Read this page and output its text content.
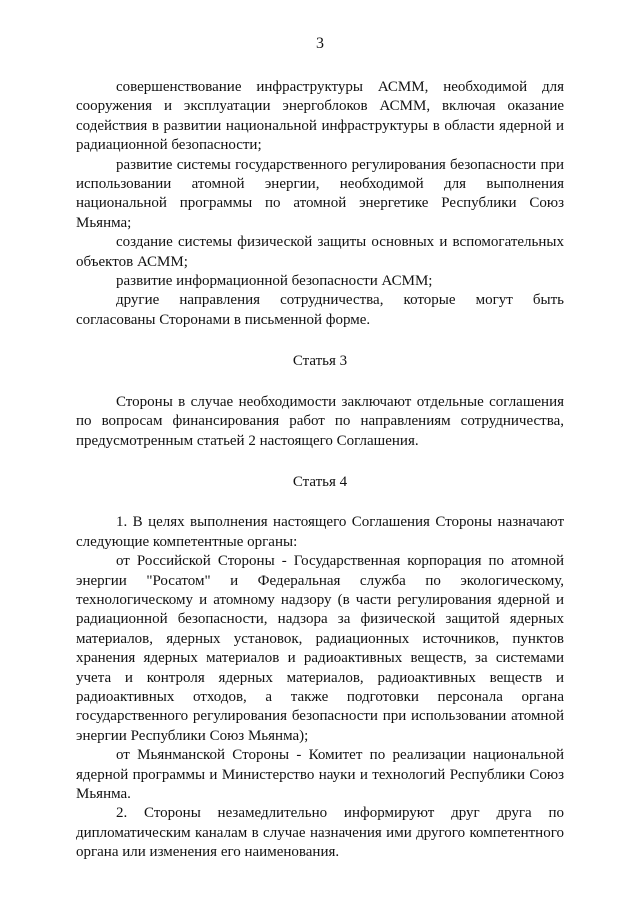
3

совершенствование инфраструктуры АСММ, необходимой для сооружения и эксплуатации энергоблоков АСММ, включая оказание содействия в развитии национальной инфраструктуры в области ядерной и радиационной безопасности;

развитие системы государственного регулирования безопасности при использовании атомной энергии, необходимой для выполнения национальной программы по атомной энергетике Республики Союз Мьянма;

создание системы физической защиты основных и вспомогательных объектов АСММ;

развитие информационной безопасности АСММ;

другие направления сотрудничества, которые могут быть согласованы Сторонами в письменной форме.

Статья 3

Стороны в случае необходимости заключают отдельные соглашения по вопросам финансирования работ по направлениям сотрудничества, предусмотренным статьей 2 настоящего Соглашения.

Статья 4

1. В целях выполнения настоящего Соглашения Стороны назначают следующие компетентные органы:

от Российской Стороны - Государственная корпорация по атомной энергии "Росатом" и Федеральная служба по экологическому, технологическому и атомному надзору (в части регулирования ядерной и радиационной безопасности, надзора за физической защитой ядерных материалов, ядерных установок, радиационных источников, пунктов хранения ядерных материалов и радиоактивных веществ, за системами учета и контроля ядерных материалов, радиоактивных веществ и радиоактивных отходов, а также подготовки персонала органа государственного регулирования безопасности при использовании атомной энергии Республики Союз Мьянма);

от Мьянманской Стороны - Комитет по реализации национальной ядерной программы и Министерство науки и технологий Республики Союз Мьянма.

2. Стороны незамедлительно информируют друг друга по дипломатическим каналам в случае назначения ими другого компетентного органа или изменения его наименования.
